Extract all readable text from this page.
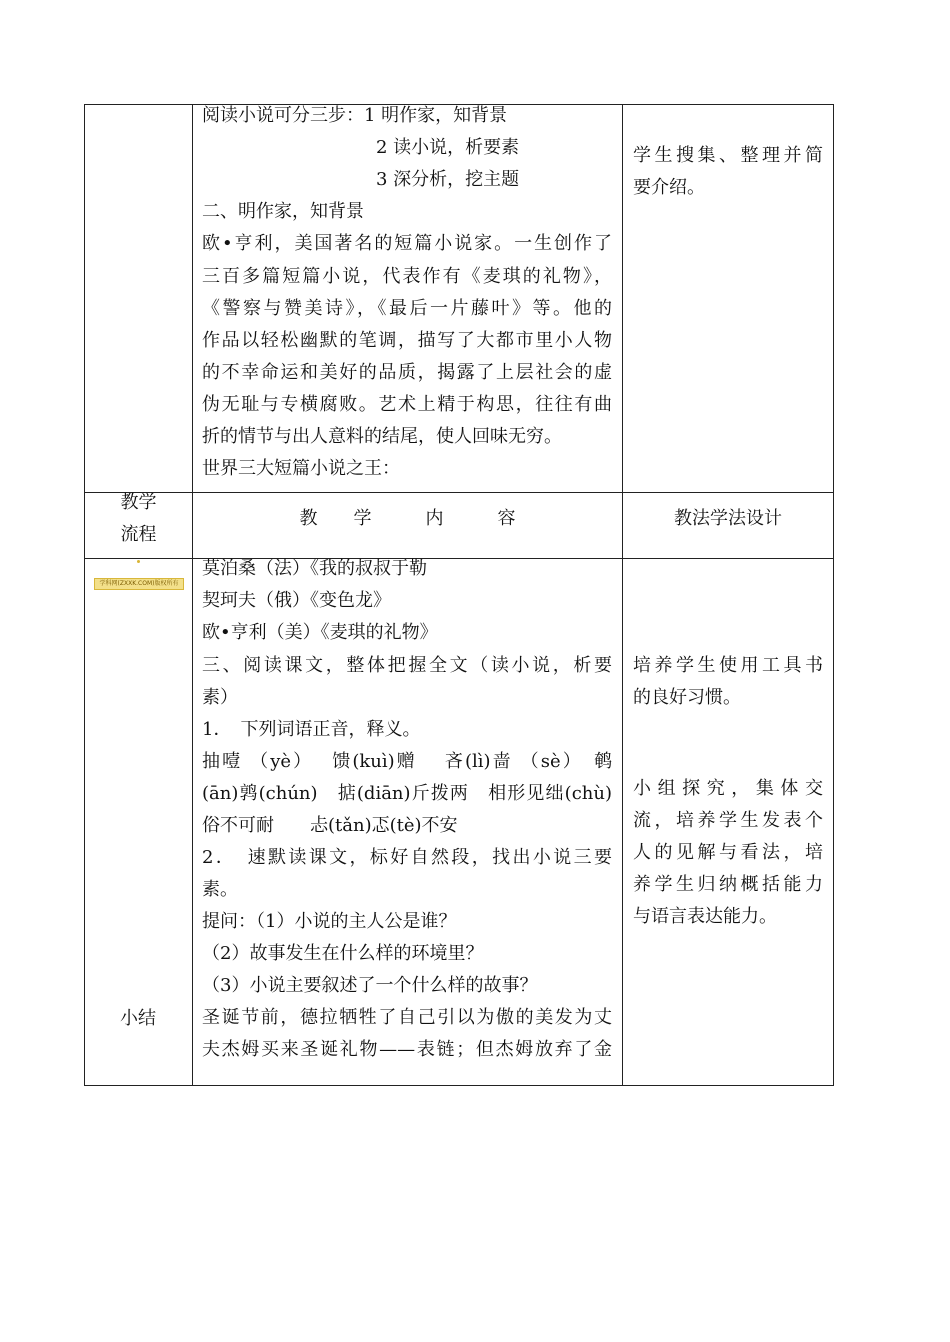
阅读小说可分三步：1 明作家，知背景
2 读小说，析要素
3 深分析，挖主题
二、明作家，知背景
欧•亨利，美国著名的短篇小说家。一生创作了
三百多篇短篇小说，代表作有《麦琪的礼物》，
《警察与赞美诗》，《最后一片藤叶》等。他的
作品以轻松幽默的笔调，描写了大都市里小人物
的不幸命运和美好的品质，揭露了上层社会的虚
伪无耻与专横腐败。艺术上精于构思，往往有曲
折的情节与出人意料的结尾，使人回味无穷。
世界三大短篇小说之王：
学生搜集、整理并简
要介绍。
教学
流程
教　　学　　　内　　　容	教法学法设计
学科网(ZXXK.COM)版权所有
小结
莫泊桑（法）《我的叔叔于勒
契珂夫（俄）《变色龙》
欧•亨利（美）《麦琪的礼物》
三、阅读课文，整体把握全文（读小说，析要
素）
1．　下列词语正音，释义。
抽噎 （yè）　 馈(kuì)赠　 吝(lì)啬 （sè）　鹌
(ān)鹑(chún)　掂(diān)斤拨两　相形见绌(chù)
俗不可耐　　忐(tǎn)忑(tè)不安
2．　速默读课文，标好自然段，找出小说三要
素。
提问：（1）小说的主人公是谁？
（2）故事发生在什么样的环境里？
（3）小说主要叙述了一个什么样的故事？
圣诞节前，德拉牺牲了自己引以为傲的美发为丈
夫杰姆买来圣诞礼物——表链；但杰姆放弃了金
培养学生使用工具书
的良好习惯。
小组探究，集体交
流，培养学生发表个
人的见解与看法，培
养学生归纳概括能力
与语言表达能力。
